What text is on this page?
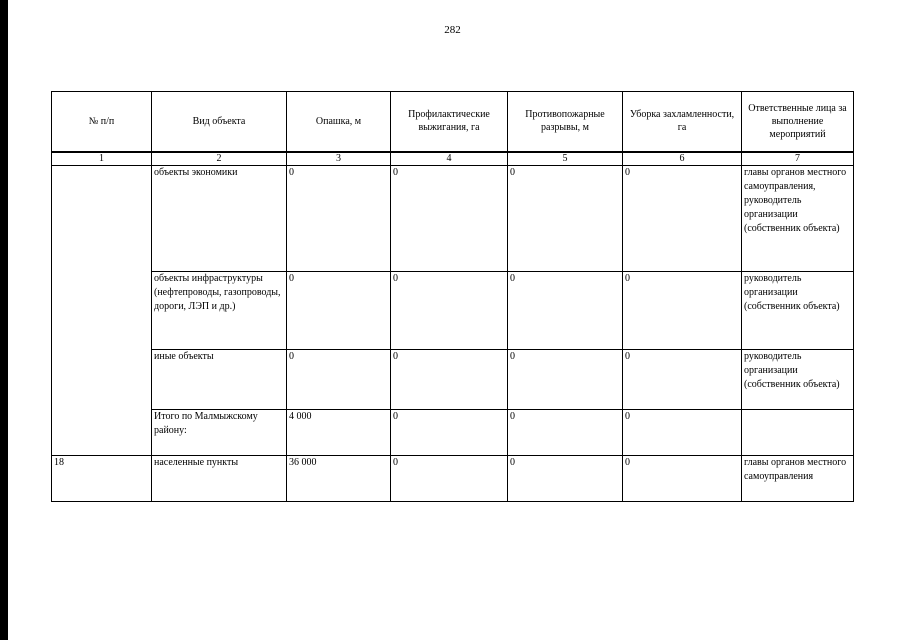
282
№ п/п	Вид объекта	Опашка, м	Профилактические выжигания, га	Противопожарные разрывы, м	Уборка захламленности, га	Ответственные лица за выполнение мероприятий
1	2	3	4	5	6	7
	объекты экономики	0	0	0	0	главы органов местного самоуправления, руководитель организации (собственник объекта)
	объекты инфраструктуры (нефтепроводы, газопроводы, дороги, ЛЭП и др.)	0	0	0	0	руководитель организации (собственник объекта)
	иные объекты	0	0	0	0	руководитель организации (собственник объекта)
	Итого по Малмыжскому району:	4 000	0	0	0	
18	населенные пункты	36 000	0	0	0	главы органов местного самоуправления
